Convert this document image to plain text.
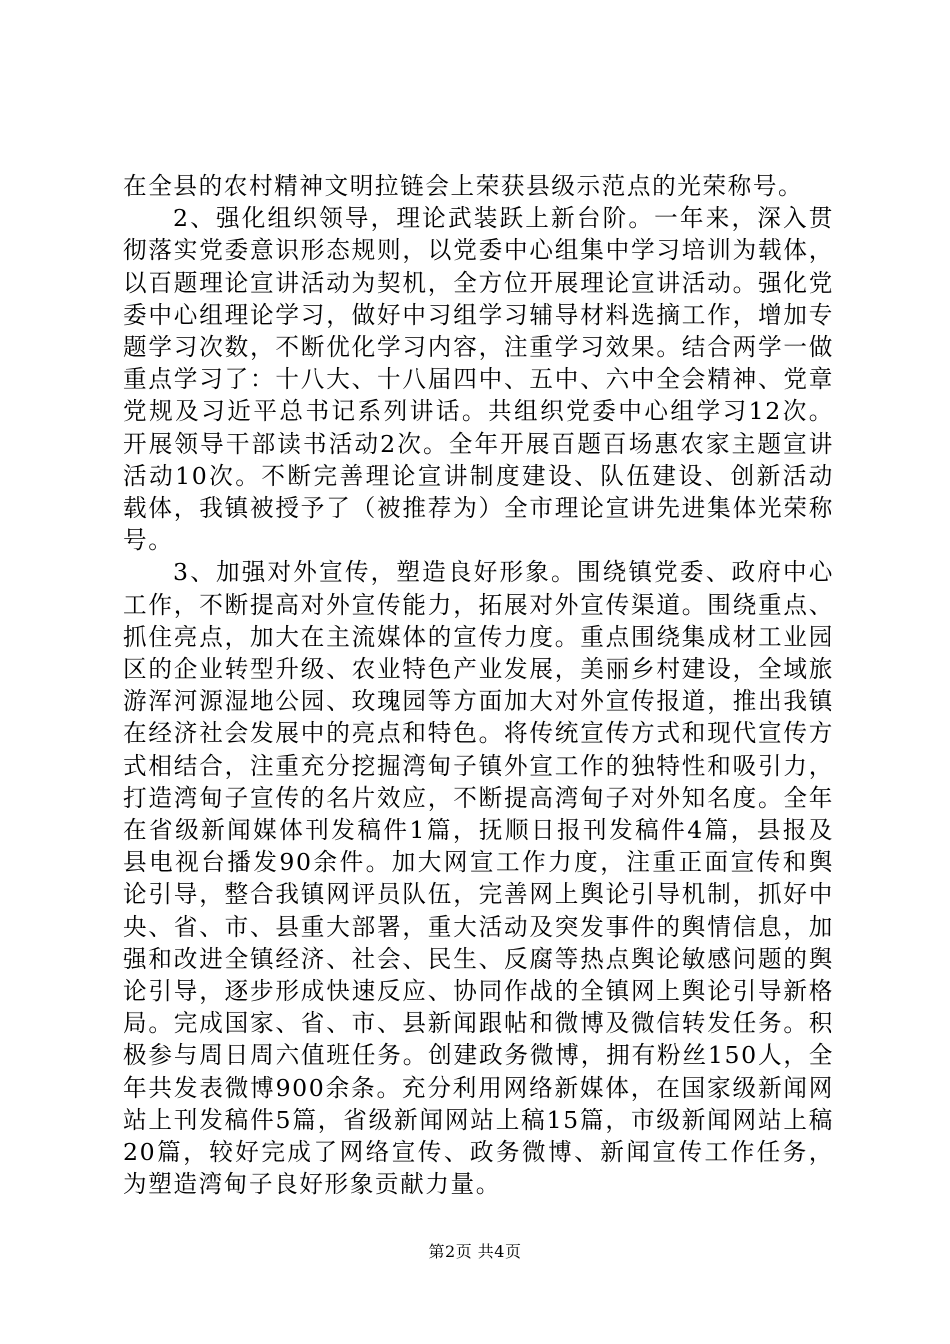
在全县的农村精神文明拉链会上荣获县级示范点的光荣称号。

2、强化组织领导，理论武装跃上新台阶。一年来，深入贯彻落实党委意识形态规则，以党委中心组集中学习培训为载体，以百题理论宣讲活动为契机，全方位开展理论宣讲活动。强化党委中心组理论学习，做好中习组学习辅导材料选摘工作，增加专题学习次数，不断优化学习内容，注重学习效果。结合两学一做重点学习了：十八大、十八届四中、五中、六中全会精神、党章党规及习近平总书记系列讲话。共组织党委中心组学习12次。开展领导干部读书活动2次。全年开展百题百场惠农家主题宣讲活动10次。不断完善理论宣讲制度建设、队伍建设、创新活动载体，我镇被授予了（被推荐为）全市理论宣讲先进集体光荣称号。

3、加强对外宣传，塑造良好形象。围绕镇党委、政府中心工作，不断提高对外宣传能力，拓展对外宣传渠道。围绕重点、抓住亮点，加大在主流媒体的宣传力度。重点围绕集成材工业园区的企业转型升级、农业特色产业发展，美丽乡村建设，全域旅游浑河源湿地公园、玫瑰园等方面加大对外宣传报道，推出我镇在经济社会发展中的亮点和特色。将传统宣传方式和现代宣传方式相结合，注重充分挖掘湾甸子镇外宣工作的独特性和吸引力，打造湾甸子宣传的名片效应，不断提高湾甸子对外知名度。全年在省级新闻媒体刊发稿件1篇，抚顺日报刊发稿件4篇，县报及县电视台播发90余件。加大网宣工作力度，注重正面宣传和舆论引导，整合我镇网评员队伍，完善网上舆论引导机制，抓好中央、省、市、县重大部署，重大活动及突发事件的舆情信息，加强和改进全镇经济、社会、民生、反腐等热点舆论敏感问题的舆论引导，逐步形成快速反应、协同作战的全镇网上舆论引导新格局。完成国家、省、市、县新闻跟帖和微博及微信转发任务。积极参与周日周六值班任务。创建政务微博，拥有粉丝150人，全年共发表微博900余条。充分利用网络新媒体，在国家级新闻网站上刊发稿件5篇，省级新闻网站上稿15篇，市级新闻网站上稿20篇，较好完成了网络宣传、政务微博、新闻宣传工作任务，为塑造湾甸子良好形象贡献力量。

第2页 共4页
